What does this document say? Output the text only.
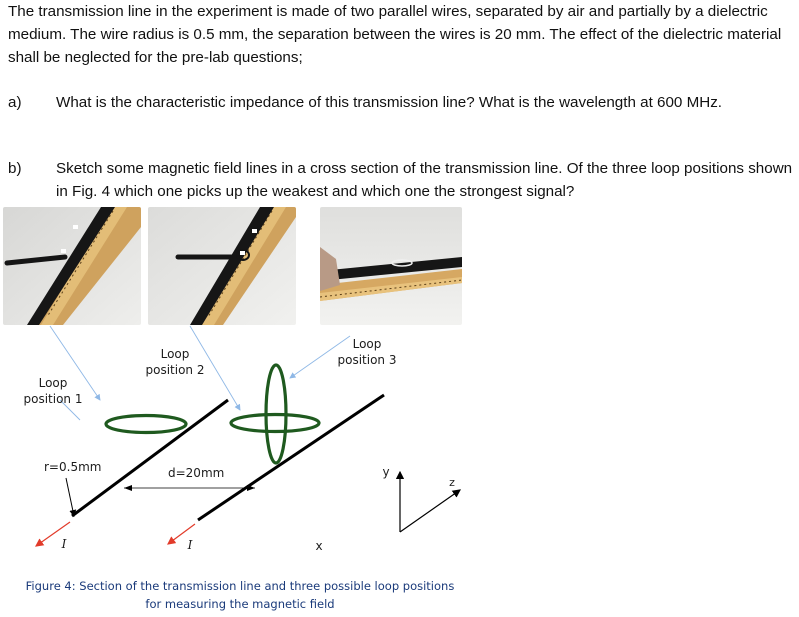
The transmission line in the experiment is made of two parallel wires, separated by air and partially by a dielectric medium. The wire radius is 0.5 mm, the separation between the wires is 20 mm. The effect of the dielectric material shall be neglected for the pre-lab questions;
a) What is the characteristic impedance of this transmission line? What is the wavelength at 600 MHz.
b) Sketch some magnetic field lines in a cross section of the transmission line. Of the three loop positions shown in Fig. 4 which one picks up the weakest and which one the strongest signal?
Loop
position 1
Loop
position 2
Loop
position 3
r=0.5mm	d=20mm
I	I	x
y
z
Figure 4: Section of the transmission line and three possible loop positions
for measuring the magnetic field
